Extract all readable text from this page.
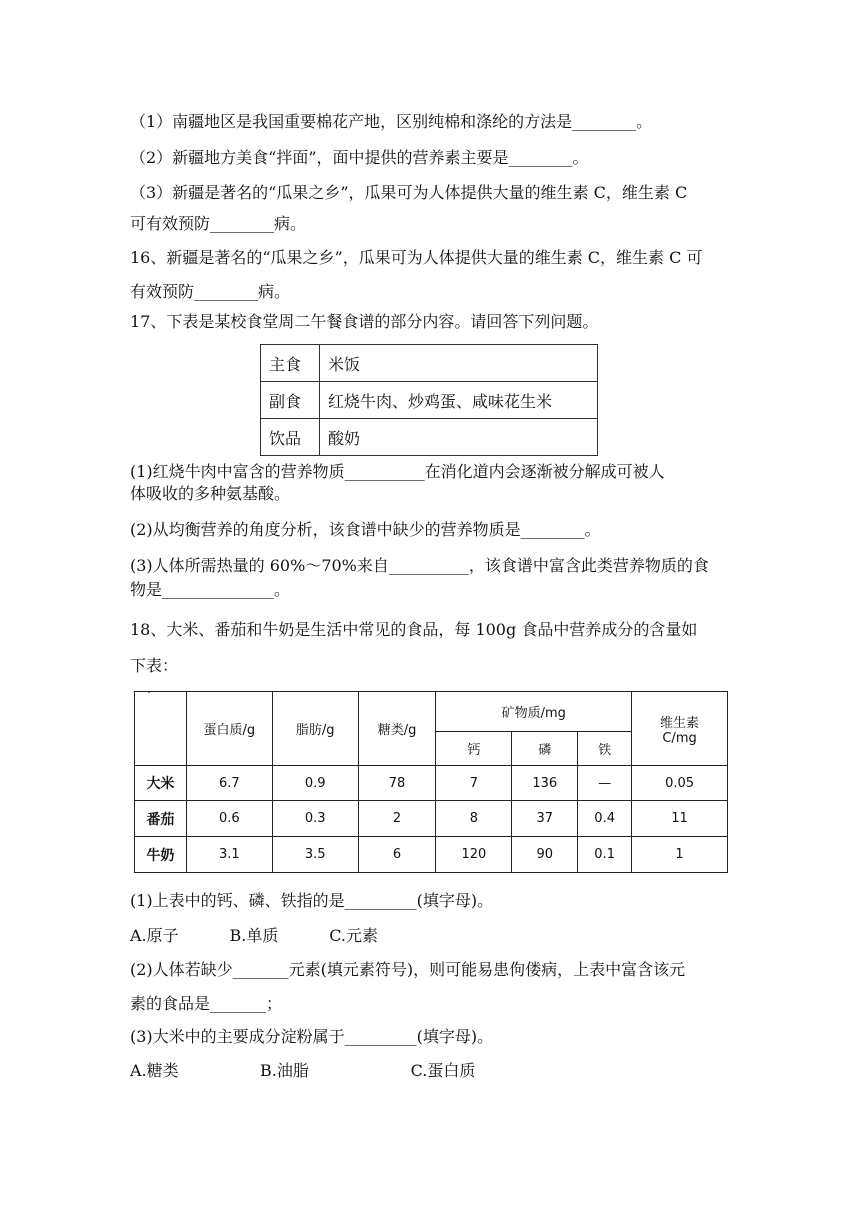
（1）南疆地区是我国重要棉花产地，区别纯棉和涤纶的方法是________。
（2）新疆地方美食“拌面”，面中提供的营养素主要是________。
（3）新疆是著名的“瓜果之乡”，瓜果可为人体提供大量的维生素 C，维生素 C
可有效预防________病。
16、新疆是著名的“瓜果之乡”，瓜果可为人体提供大量的维生素 C，维生素 C 可
有效预防________病。
17、下表是某校食堂周二午餐食谱的部分内容。请回答下列问题。
主食	米饭
副食	红烧牛肉、炒鸡蛋、咸味花生米
饮品	酸奶
(1)红烧牛肉中富含的营养物质__________在消化道内会逐渐被分解成可被人
体吸收的多种氨基酸。
(2)从均衡营养的角度分析，该食谱中缺少的营养物质是________。
(3)人体所需热量的 60%～70%来自__________，该食谱中富含此类营养物质的食
物是______________。
18、大米、番茄和牛奶是生活中常见的食品，每 100g 食品中营养成分的含量如
下表：
	蛋白质/g	脂肪/g	糖类/g	矿物质/mg			维生素
C/mg
				钙	磷	铁	
大米	6.7	0.9	78	7	136	—	0.05
番茄	0.6	0.3	2	8	37	0.4	11
牛奶	3.1	3.5	6	120	90	0.1	1
(1)上表中的钙、磷、铁指的是_________(填字母)。
A.原子          B.单质          C.元素
(2)人体若缺少_______元素(填元素符号)，则可能易患佝偻病，上表中富含该元
素的食品是_______；
(3)大米中的主要成分淀粉属于_________(填字母)。
A.糖类                B.油脂                    C.蛋白质
